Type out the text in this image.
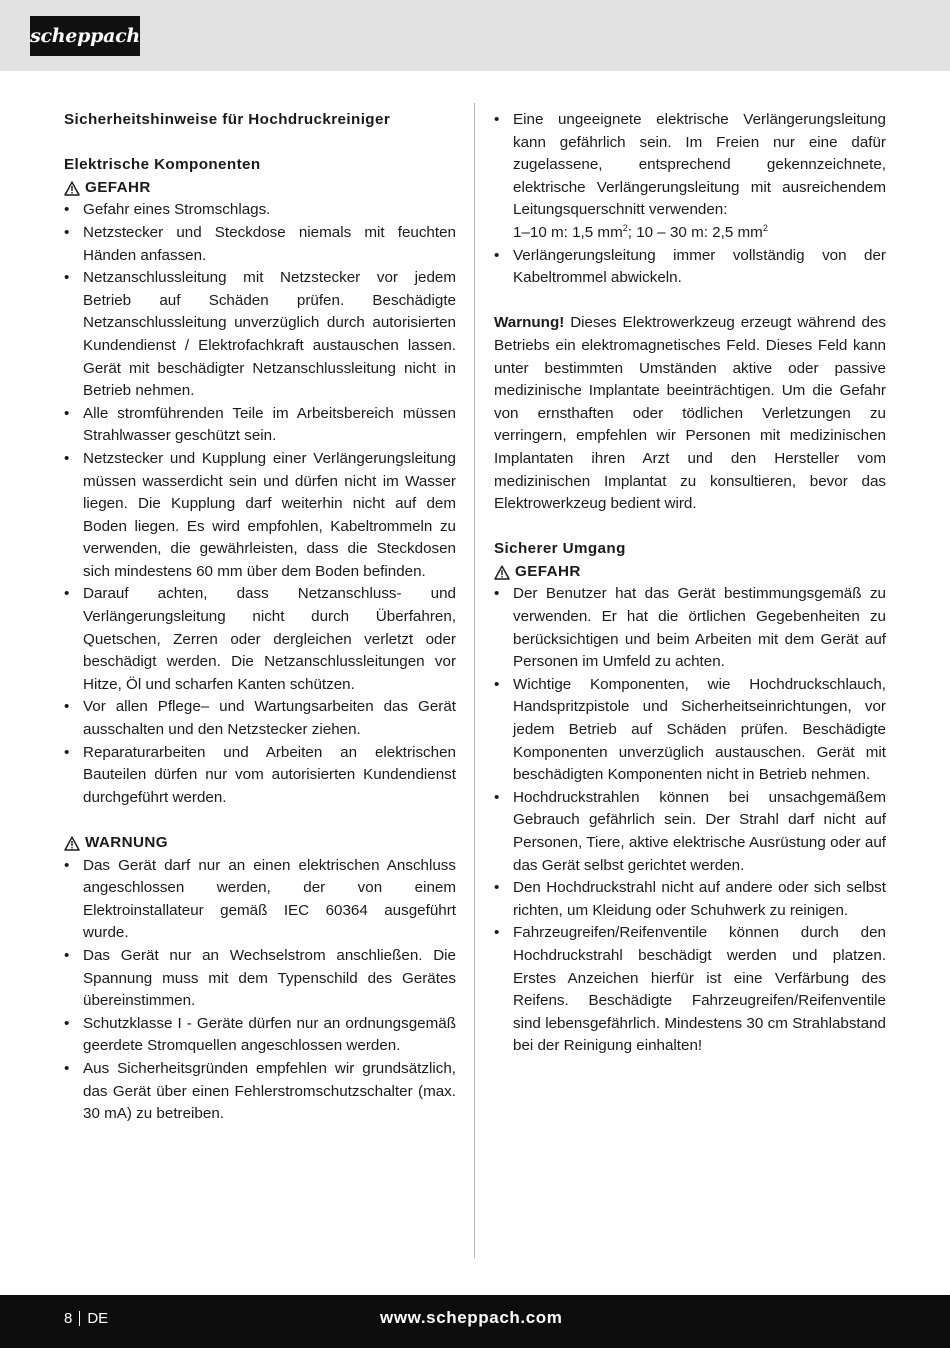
scheppach
Sicherheitshinweise für Hochdruckreiniger
Elektrische Komponenten
GEFAHR
• Gefahr eines Stromschlags.
• Netzstecker und Steckdose niemals mit feuchten Händen anfassen.
• Netzanschlussleitung mit Netzstecker vor jedem Betrieb auf Schäden prüfen. Beschädigte Netzanschlussleitung unverzüglich durch autorisierten Kundendienst / Elektrofachkraft austauschen lassen. Gerät mit beschädigter Netzanschlussleitung nicht in Betrieb nehmen.
• Alle stromführenden Teile im Arbeitsbereich müssen Strahlwasser geschützt sein.
• Netzstecker und Kupplung einer Verlängerungsleitung müssen wasserdicht sein und dürfen nicht im Wasser liegen. Die Kupplung darf weiterhin nicht auf dem Boden liegen. Es wird empfohlen, Kabeltrommeln zu verwenden, die gewährleisten, dass die Steckdosen sich mindestens 60 mm über dem Boden befinden.
• Darauf achten, dass Netzanschluss- und Verlängerungsleitung nicht durch Überfahren, Quetschen, Zerren oder dergleichen verletzt oder beschädigt werden. Die Netzanschlussleitungen vor Hitze, Öl und scharfen Kanten schützen.
• Vor allen Pflege– und Wartungsarbeiten das Gerät ausschalten und den Netzstecker ziehen.
• Reparaturarbeiten und Arbeiten an elektrischen Bauteilen dürfen nur vom autorisierten Kundendienst durchgeführt werden.
WARNUNG
• Das Gerät darf nur an einen elektrischen Anschluss angeschlossen werden, der von einem Elektroinstallateur gemäß IEC 60364 ausgeführt wurde.
• Das Gerät nur an Wechselstrom anschließen. Die Spannung muss mit dem Typenschild des Gerätes übereinstimmen.
• Schutzklasse I - Geräte dürfen nur an ordnungsgemäß geerdete Stromquellen angeschlossen werden.
• Aus Sicherheitsgründen empfehlen wir grundsätzlich, das Gerät über einen Fehlerstromschutzschalter (max. 30 mA) zu betreiben.
• Eine ungeeignete elektrische Verlängerungsleitung kann gefährlich sein. Im Freien nur eine dafür zugelassene, entsprechend gekennzeichnete, elektrische Verlängerungsleitung mit ausreichendem Leitungsquerschnitt verwenden:
1–10 m: 1,5 $mm^2$; 10 – 30 m: 2,5 $mm^2$
• Verlängerungsleitung immer vollständig von der Kabeltrommel abwickeln.

Warnung! Dieses Elektrowerkzeug erzeugt während des Betriebs ein elektromagnetisches Feld. Dieses Feld kann unter bestimmten Umständen aktive oder passive medizinische Implantate beeinträchtigen. Um die Gefahr von ernsthaften oder tödlichen Verletzungen zu verringern, empfehlen wir Personen mit medizinischen Implantaten ihren Arzt und den Hersteller vom medizinischen Implantat zu konsultieren, bevor das Elektrowerkzeug bedient wird.

Sicherer Umgang
GEFAHR
• Der Benutzer hat das Gerät bestimmungsgemäß zu verwenden. Er hat die örtlichen Gegebenheiten zu berücksichtigen und beim Arbeiten mit dem Gerät auf Personen im Umfeld zu achten.
• Wichtige Komponenten, wie Hochdruckschlauch, Handspritzpistole und Sicherheitseinrichtungen, vor jedem Betrieb auf Schäden prüfen. Beschädigte Komponenten unverzüglich austauschen. Gerät mit beschädigten Komponenten nicht in Betrieb nehmen.
• Hochdruckstrahlen können bei unsachgemäßem Gebrauch gefährlich sein. Der Strahl darf nicht auf Personen, Tiere, aktive elektrische Ausrüstung oder auf das Gerät selbst gerichtet werden.
• Den Hochdruckstrahl nicht auf andere oder sich selbst richten, um Kleidung oder Schuhwerk zu reinigen.
• Fahrzeugreifen/Reifenventile können durch den Hochdruckstrahl beschädigt werden und platzen. Erstes Anzeichen hierfür ist eine Verfärbung des Reifens. Beschädigte Fahrzeugreifen/Reifenventile sind lebensgefährlich. Mindestens 30 cm Strahlabstand bei der Reinigung einhalten!
8 DE	www.scheppach.com
